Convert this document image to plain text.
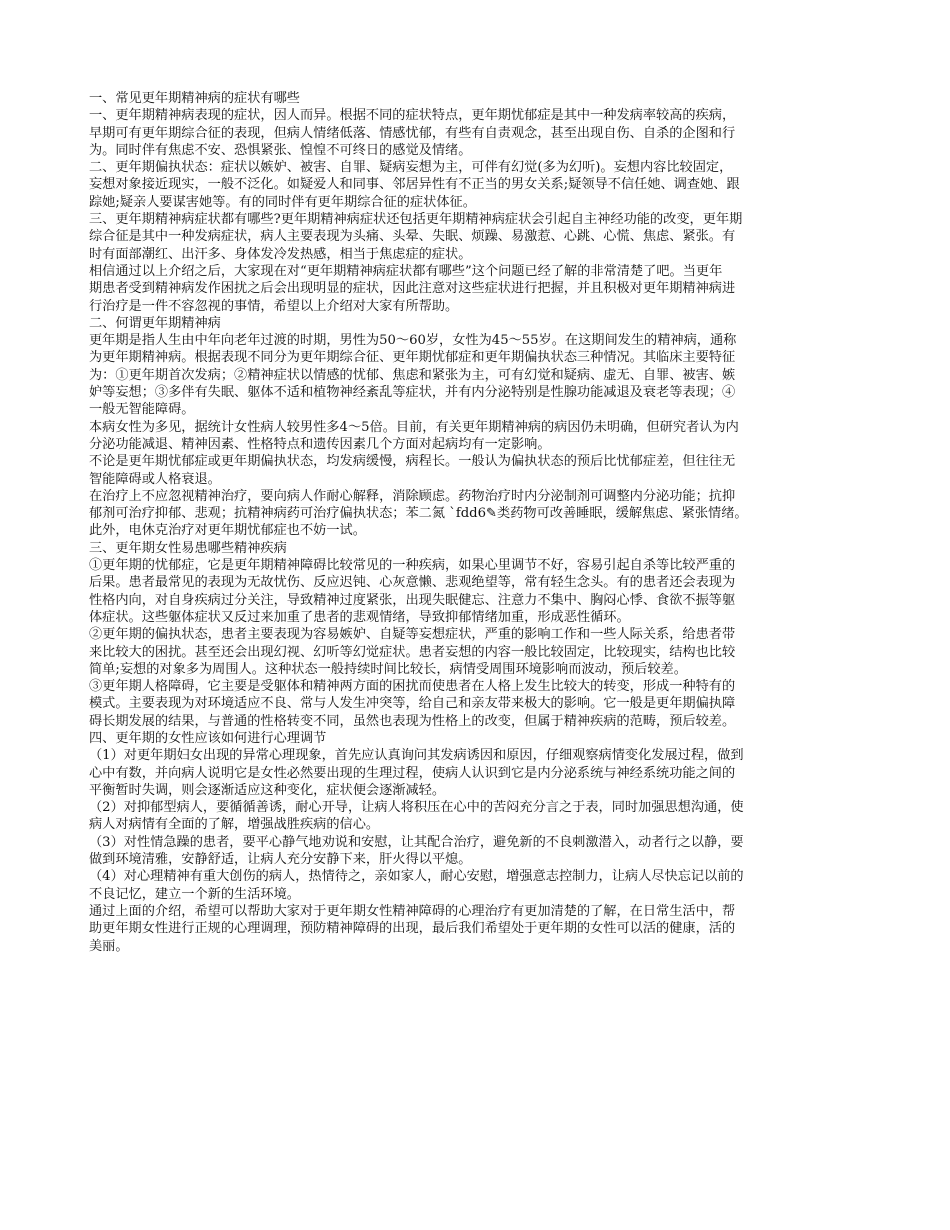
一、常见更年期精神病的症状有哪些
一、更年期精神病表现的症状，因人而异。根据不同的症状特点，更年期忧郁症是其中一种发病率较高的疾病，
早期可有更年期综合征的表现，但病人情绪低落、情感忧郁，有些有自责观念，甚至出现自伤、自杀的企图和行
为。同时伴有焦虑不安、恐惧紧张、惶惶不可终日的感觉及情绪。
二、更年期偏执状态：症状以嫉妒、被害、自罪、疑病妄想为主，可伴有幻觉(多为幻听)。妄想内容比较固定，
妄想对象接近现实，一般不泛化。如疑爱人和同事、邻居异性有不正当的男女关系;疑领导不信任她、调查她、跟
踪她;疑亲人要谋害她等。有的同时伴有更年期综合征的症状体征。
三、更年期精神病症状都有哪些?更年期精神病症状还包括更年期精神病症状会引起自主神经功能的改变，更年期
综合征是其中一种发病症状，病人主要表现为头痛、头晕、失眠、烦躁、易激惹、心跳、心慌、焦虑、紧张。有
时有面部潮红、出汗多、身体发冷发热感，相当于焦虑症的症状。
相信通过以上介绍之后，大家现在对“更年期精神病症状都有哪些”这个问题已经了解的非常清楚了吧。当更年
期患者受到精神病发作困扰之后会出现明显的症状，因此注意对这些症状进行把握，并且积极对更年期精神病进
行治疗是一件不容忽视的事情，希望以上介绍对大家有所帮助。
二、何谓更年期精神病
更年期是指人生由中年向老年过渡的时期，男性为50～60岁，女性为45～55岁。在这期间发生的精神病，通称
为更年期精神病。根据表现不同分为更年期综合征、更年期忧郁症和更年期偏执状态三种情况。其临床主要特征
为：①更年期首次发病；②精神症状以情感的忧郁、焦虑和紧张为主，可有幻觉和疑病、虚无、自罪、被害、嫉
妒等妄想；③多伴有失眠、躯体不适和植物神经紊乱等症状，并有内分泌特别是性腺功能减退及衰老等表现；④
一般无智能障碍。
本病女性为多见，据统计女性病人较男性多4～5倍。目前，有关更年期精神病的病因仍未明确，但研究者认为内
分泌功能减退、精神因素、性格特点和遗传因素几个方面对起病均有一定影响。
不论是更年期忧郁症或更年期偏执状态，均发病缓慢，病程长。一般认为偏执状态的预后比忧郁症差，但往往无
智能障碍或人格衰退。
在治疗上不应忽视精神治疗，要向病人作耐心解释，消除顾虑。药物治疗时内分泌制剂可调整内分泌功能；抗抑
郁剂可治疗抑郁、悲观；抗精神病药可治疗偏执状态；苯二氮 `fdd6✎类药物可改善睡眠，缓解焦虑、紧张情绪。
此外，电休克治疗对更年期忧郁症也不妨一试。
三、更年期女性易患哪些精神疾病
①更年期的忧郁症，它是更年期精神障碍比较常见的一种疾病，如果心里调节不好，容易引起自杀等比较严重的
后果。患者最常见的表现为无故忧伤、反应迟钝、心灰意懒、悲观绝望等，常有轻生念头。有的患者还会表现为
性格内向，对自身疾病过分关注，导致精神过度紧张，出现失眠健忘、注意力不集中、胸闷心悸、食欲不振等躯
体症状。这些躯体症状又反过来加重了患者的悲观情绪，导致抑郁情绪加重，形成恶性循环。
②更年期的偏执状态，患者主要表现为容易嫉妒、自疑等妄想症状，严重的影响工作和一些人际关系，给患者带
来比较大的困扰。甚至还会出现幻视、幻听等幻觉症状。患者妄想的内容一般比较固定，比较现实，结构也比较
简单;妄想的对象多为周围人。这种状态一般持续时间比较长，病情受周围环境影响而波动，预后较差。
③更年期人格障碍，它主要是受躯体和精神两方面的困扰而使患者在人格上发生比较大的转变，形成一种特有的
模式。主要表现为对环境适应不良、常与人发生冲突等，给自己和亲友带来极大的影响。它一般是更年期偏执障
碍长期发展的结果，与普通的性格转变不同，虽然也表现为性格上的改变，但属于精神疾病的范畴，预后较差。
四、更年期的女性应该如何进行心理调节
（1）对更年期妇女出现的异常心理现象，首先应认真询问其发病诱因和原因，仔细观察病情变化发展过程，做到
心中有数，并向病人说明它是女性必然要出现的生理过程，使病人认识到它是内分泌系统与神经系统功能之间的
平衡暂时失调，则会逐渐适应这种变化，症状便会逐渐减轻。
（2）对抑郁型病人，要循循善诱，耐心开导，让病人将积压在心中的苦闷充分言之于表，同时加强思想沟通，使
病人对病情有全面的了解，增强战胜疾病的信心。
（3）对性情急躁的患者，要平心静气地劝说和安慰，让其配合治疗，避免新的不良刺激潜入，动者行之以静，要
做到环境清雅，安静舒适，让病人充分安静下来，肝火得以平熄。
（4）对心理精神有重大创伤的病人，热情待之，亲如家人，耐心安慰，增强意志控制力，让病人尽快忘记以前的
不良记忆，建立一个新的生活环境。
通过上面的介绍，希望可以帮助大家对于更年期女性精神障碍的心理治疗有更加清楚的了解，在日常生活中，帮
助更年期女性进行正规的心理调理，预防精神障碍的出现，最后我们希望处于更年期的女性可以活的健康，活的
美丽。
